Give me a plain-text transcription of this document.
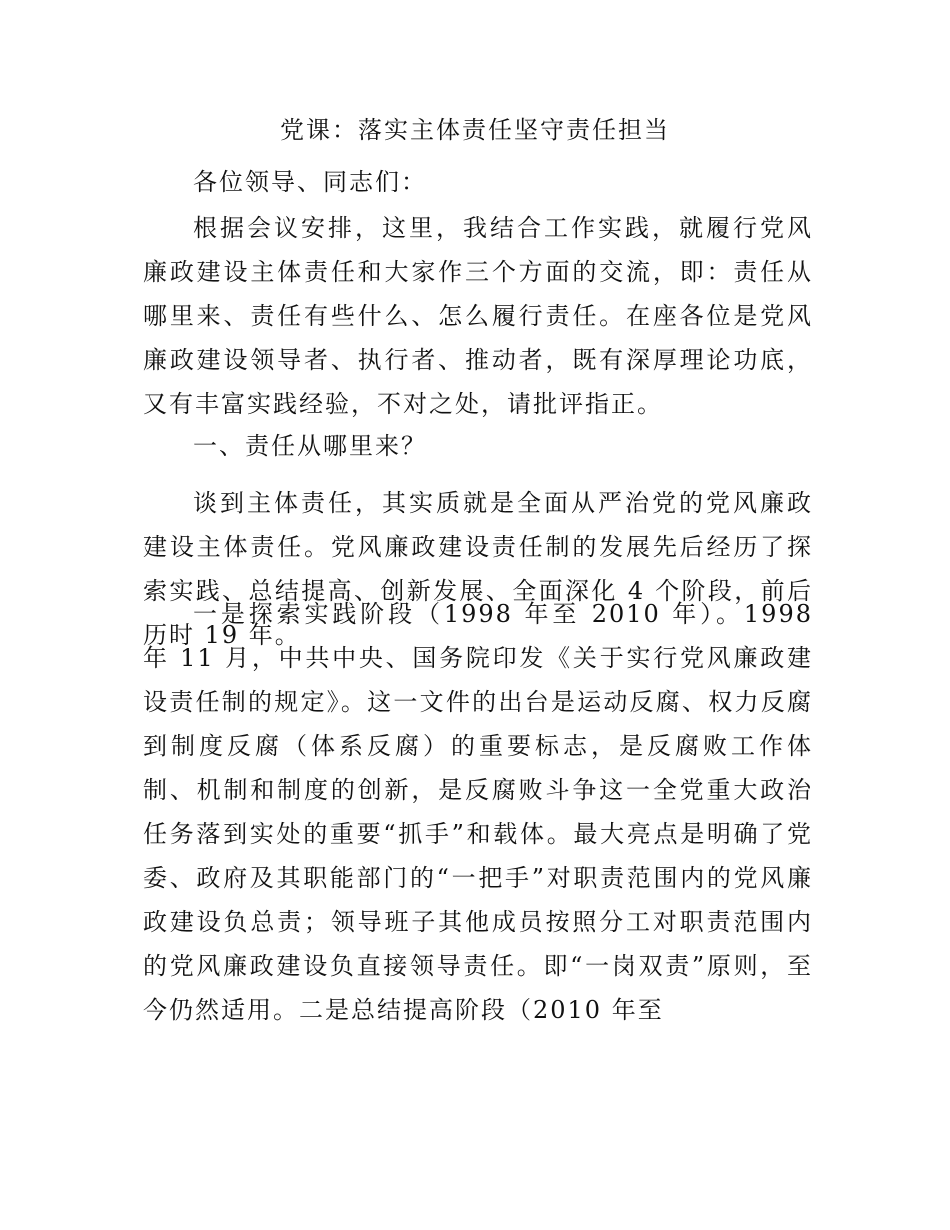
党课：落实主体责任坚守责任担当
各位领导、同志们：
根据会议安排，这里，我结合工作实践，就履行党风廉政建设主体责任和大家作三个方面的交流，即：责任从哪里来、责任有些什么、怎么履行责任。在座各位是党风廉政建设领导者、执行者、推动者，既有深厚理论功底，又有丰富实践经验，不对之处，请批评指正。
一、责任从哪里来？
谈到主体责任，其实质就是全面从严治党的党风廉政建设主体责任。党风廉政建设责任制的发展先后经历了探索实践、总结提高、创新发展、全面深化 4 个阶段，前后历时 19 年。
一是探索实践阶段（1998 年至 2010 年）。1998 年 11 月，中共中央、国务院印发《关于实行党风廉政建设责任制的规定》。这一文件的出台是运动反腐、权力反腐到制度反腐（体系反腐）的重要标志，是反腐败工作体制、机制和制度的创新，是反腐败斗争这一全党重大政治任务落到实处的重要“抓手”和载体。最大亮点是明确了党委、政府及其职能部门的“一把手”对职责范围内的党风廉政建设负总责；领导班子其他成员按照分工对职责范围内的党风廉政建设负直接领导责任。即“一岗双责”原则，至今仍然适用。二是总结提高阶段（2010 年至
